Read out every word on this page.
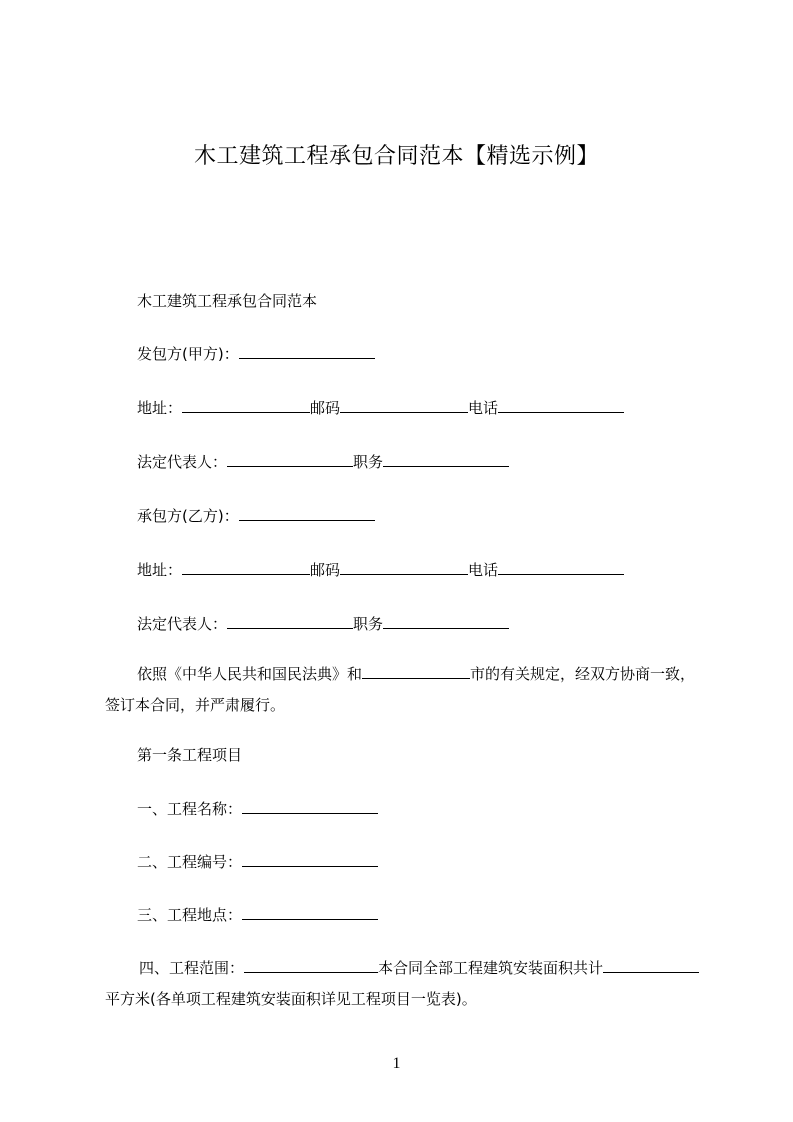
木工建筑工程承包合同范本【精选示例】
木工建筑工程承包合同范本
发包方(甲方)：
地址：	邮码	电话
法定代表人：	职务
承包方(乙方)：
地址：	邮码	电话
法定代表人：	职务
依照《中华人民共和国民法典》和	市的有关规定，经双方协商一致，签订本合同，并严肃履行。
第一条工程项目
一、工程名称：
二、工程编号：
三、工程地点：
四、工程范围：	本合同全部工程建筑安装面积共计平方米(各单项工程建筑安装面积详见工程项目一览表)。
1
